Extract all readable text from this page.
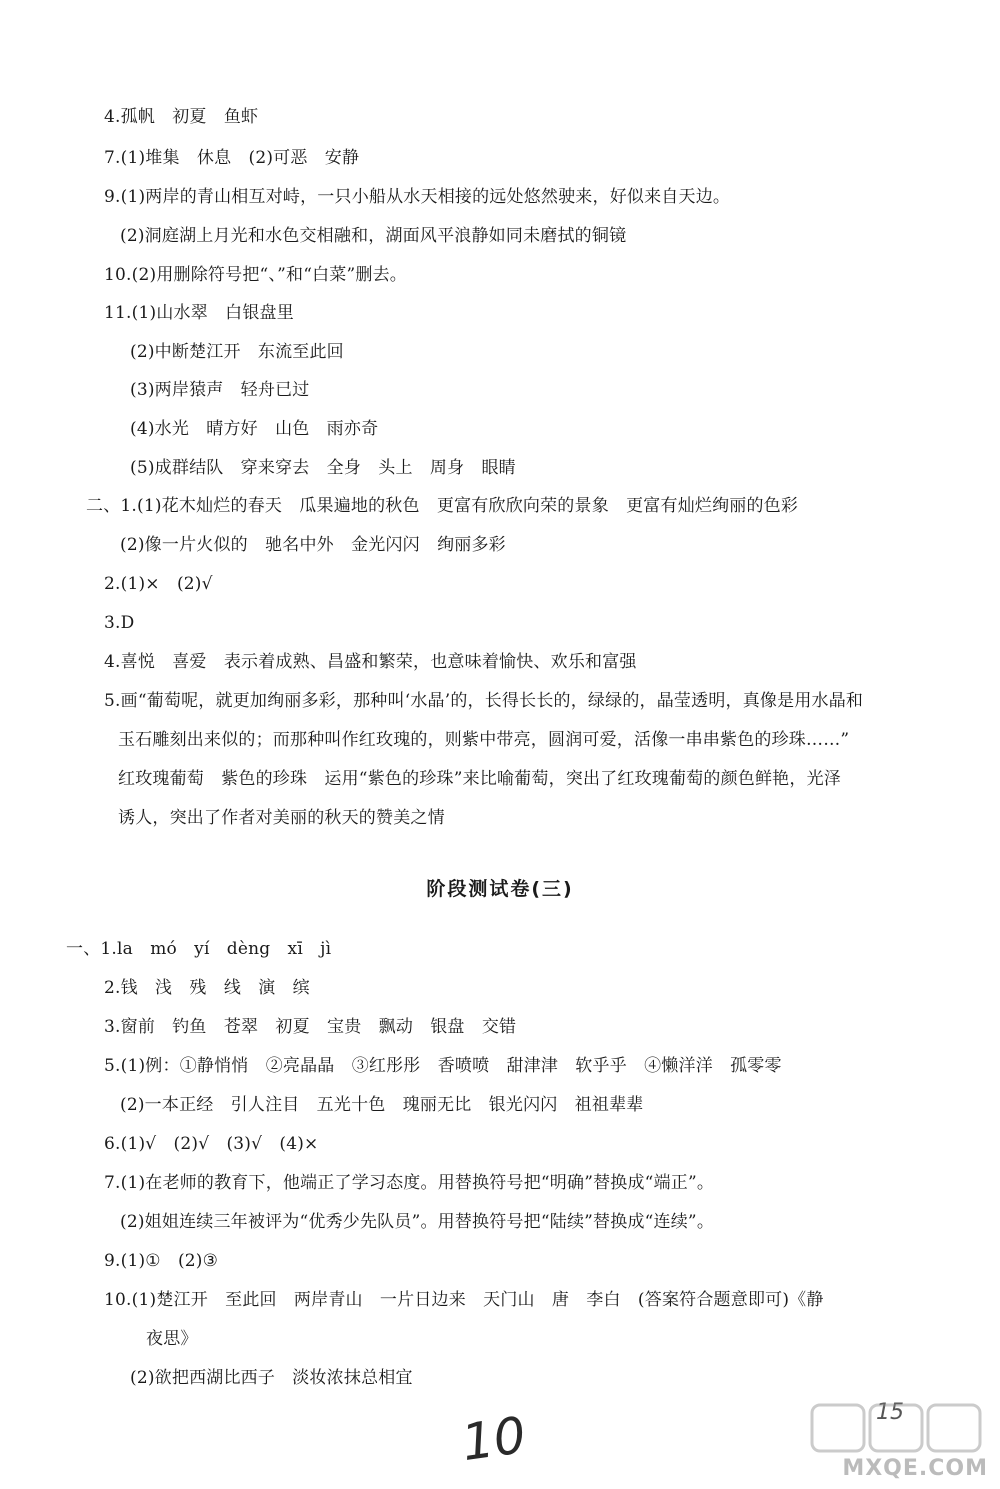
阶段测试卷(三)
10	15
MXQE.COM
4.孤帆　初夏　鱼虾
7.(1)堆集　休息　(2)可恶　安静
9.(1)两岸的青山相互对峙，一只小船从水天相接的远处悠然驶来，好似来自天边。
(2)洞庭湖上月光和水色交相融和，湖面风平浪静如同未磨拭的铜镜
10.(2)用删除符号把“、”和“白菜”删去。
11.(1)山水翠　白银盘里
(2)中断楚江开　东流至此回
(3)两岸猿声　轻舟已过
(4)水光　晴方好　山色　雨亦奇
(5)成群结队　穿来穿去　全身　头上　周身　眼睛
二、1.(1)花木灿烂的春天　瓜果遍地的秋色　更富有欣欣向荣的景象　更富有灿烂绚丽的色彩
(2)像一片火似的　驰名中外　金光闪闪　绚丽多彩
2.(1)×　(2)√
3.D
4.喜悦　喜爱　表示着成熟、昌盛和繁荣，也意味着愉快、欢乐和富强
5.画“葡萄呢，就更加绚丽多彩，那种叫‘水晶’的，长得长长的，绿绿的，晶莹透明，真像是用水晶和
玉石雕刻出来似的；而那种叫作红玫瑰的，则紫中带亮，圆润可爱，活像一串串紫色的珍珠……”
红玫瑰葡萄　紫色的珍珠　运用“紫色的珍珠”来比喻葡萄，突出了红玫瑰葡萄的颜色鲜艳，光泽
诱人，突出了作者对美丽的秋天的赞美之情
一、1.la　mó　yí　dèng　xī　jì
2.钱　浅　残　线　演　缤
3.窗前　钓鱼　苍翠　初夏　宝贵　飘动　银盘　交错
5.(1)例：①静悄悄　②亮晶晶　③红彤彤　香喷喷　甜津津　软乎乎　④懒洋洋　孤零零
(2)一本正经　引人注目　五光十色　瑰丽无比　银光闪闪　祖祖辈辈
6.(1)√　(2)√　(3)√　(4)×
7.(1)在老师的教育下，他端正了学习态度。用替换符号把“明确”替换成“端正”。
(2)姐姐连续三年被评为“优秀少先队员”。用替换符号把“陆续”替换成“连续”。
9.(1)①　(2)③
10.(1)楚江开　至此回　两岸青山　一片日边来　天门山　唐　李白　(答案符合题意即可)《静
夜思》
(2)欲把西湖比西子　淡妆浓抹总相宜
